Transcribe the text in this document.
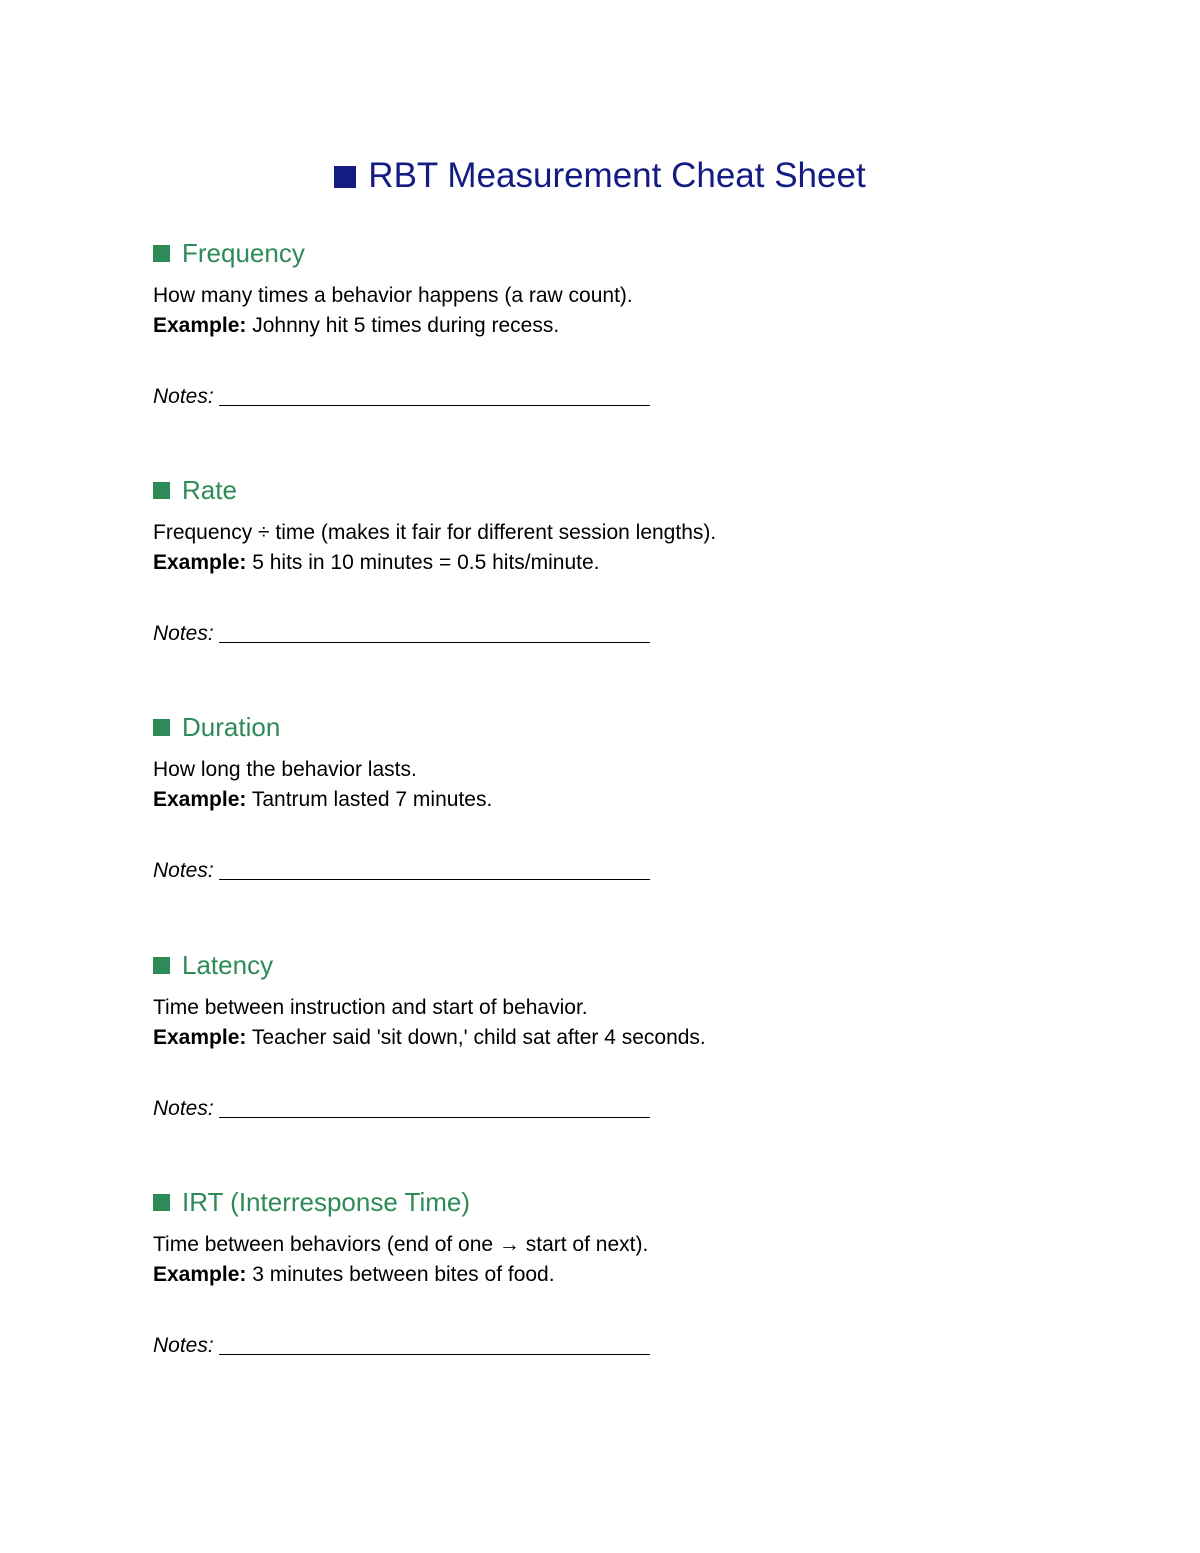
RBT Measurement Cheat Sheet
Frequency
How many times a behavior happens (a raw count).
Example: Johnny hit 5 times during recess.
Notes:
Rate
Frequency ÷ time (makes it fair for different session lengths).
Example: 5 hits in 10 minutes = 0.5 hits/minute.
Notes:
Duration
How long the behavior lasts.
Example: Tantrum lasted 7 minutes.
Notes:
Latency
Time between instruction and start of behavior.
Example: Teacher said 'sit down,' child sat after 4 seconds.
Notes:
IRT (Interresponse Time)
Time between behaviors (end of one → start of next).
Example: 3 minutes between bites of food.
Notes:
